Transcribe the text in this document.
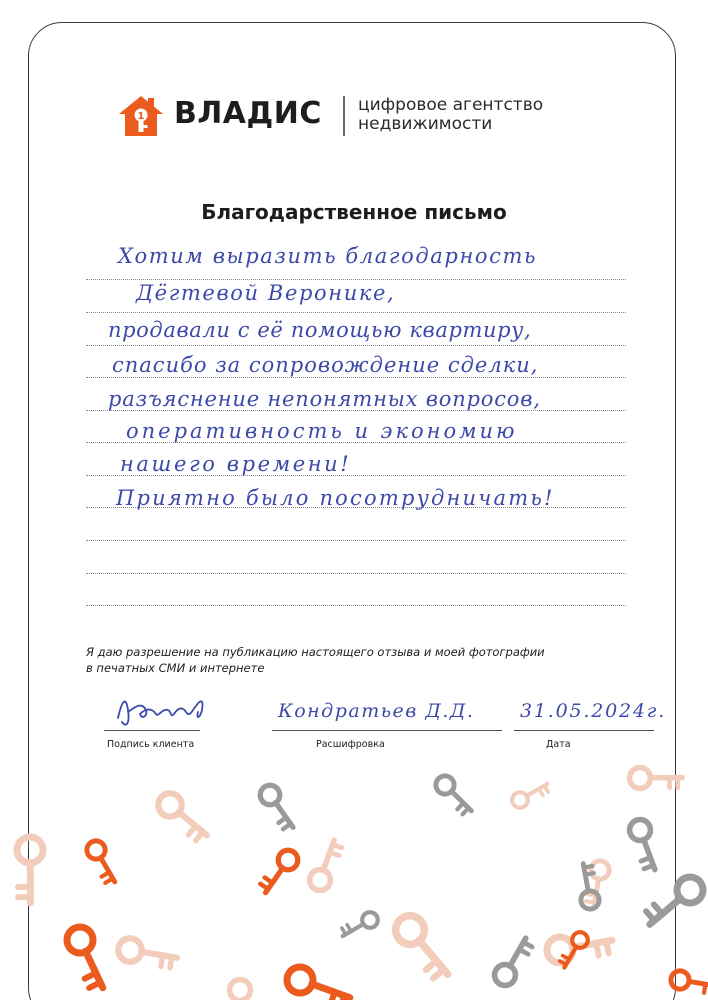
1 ВЛАДИС цифровое агентство
недвижимости
Благодарственное письмо
Хотим выразить благодарность
Дёгтевой Веронике,
продавали с её помощью квартиру,
спасибо за сопровождение сделки,
разъяснение непонятных вопросов,
оперативность и экономию
нашего времени!
Приятно было посотрудничать!
Я даю разрешение на публикацию настоящего отзыва и моей фотографии
в печатных СМИ и интернете
Подпись клиента
Кондратьев Д.Д.
Расшифровка
31.05.2024г.
Дата
